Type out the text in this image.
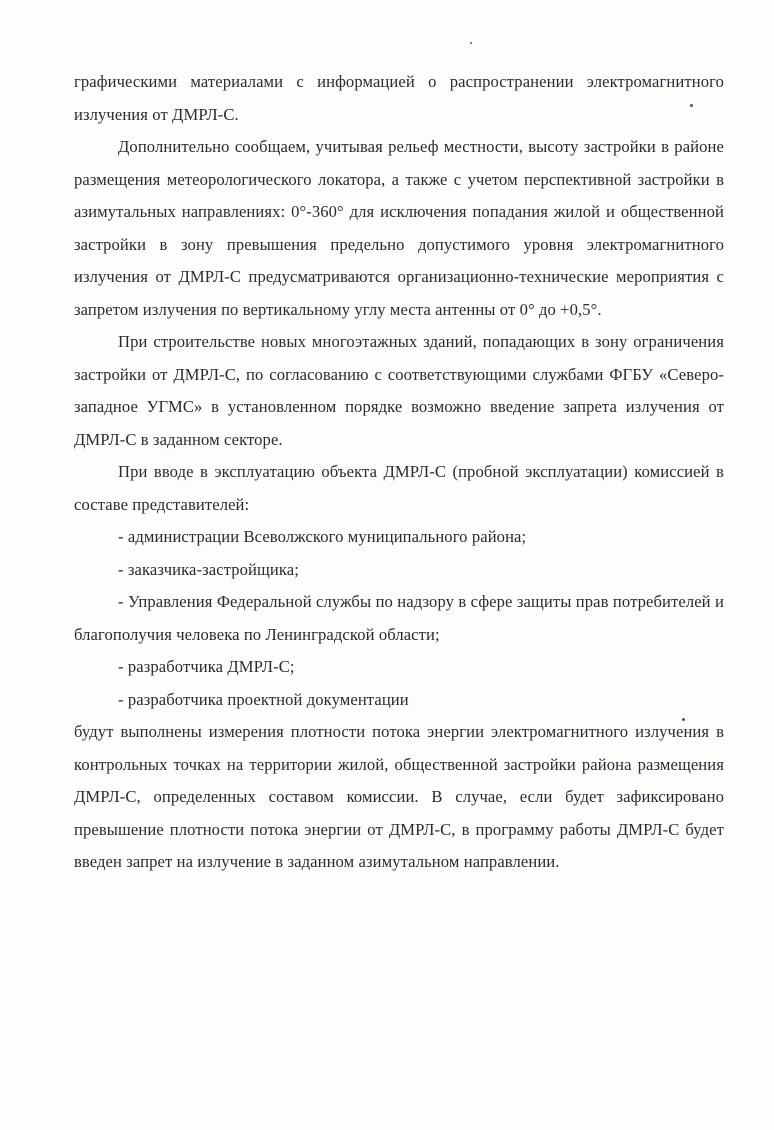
графическими материалами с информацией о распространении электромагнитного излучения от ДМРЛ-С.

Дополнительно сообщаем, учитывая рельеф местности, высоту застройки в районе размещения метеорологического локатора, а также с учетом перспективной застройки в азимутальных направлениях: 0°-360° для исключения попадания жилой и общественной застройки в зону превышения предельно допустимого уровня электромагнитного излучения от ДМРЛ-С предусматриваются организационно-технические мероприятия с запретом излучения по вертикальному углу места антенны от 0° до +0,5°.

При строительстве новых многоэтажных зданий, попадающих в зону ограничения застройки от ДМРЛ-С, по согласованию с соответствующими службами ФГБУ «Северо-западное УГМС» в установленном порядке возможно введение запрета излучения от ДМРЛ-С в заданном секторе.

При вводе в эксплуатацию объекта ДМРЛ-С (пробной эксплуатации) комиссией в составе представителей:

- администрации Всеволжского муниципального района;

- заказчика-застройщика;

- Управления Федеральной службы по надзору в сфере защиты прав потребителей и благополучия человека по Ленинградской области;

- разработчика ДМРЛ-С;

- разработчика проектной документации

будут выполнены измерения плотности потока энергии электромагнитного излучения в контрольных точках на территории жилой, общественной застройки района размещения ДМРЛ-С, определенных составом комиссии. В случае, если будет зафиксировано превышение плотности потока энергии от ДМРЛ-С, в программу работы ДМРЛ-С будет введен запрет на излучение в заданном азимутальном направлении.
